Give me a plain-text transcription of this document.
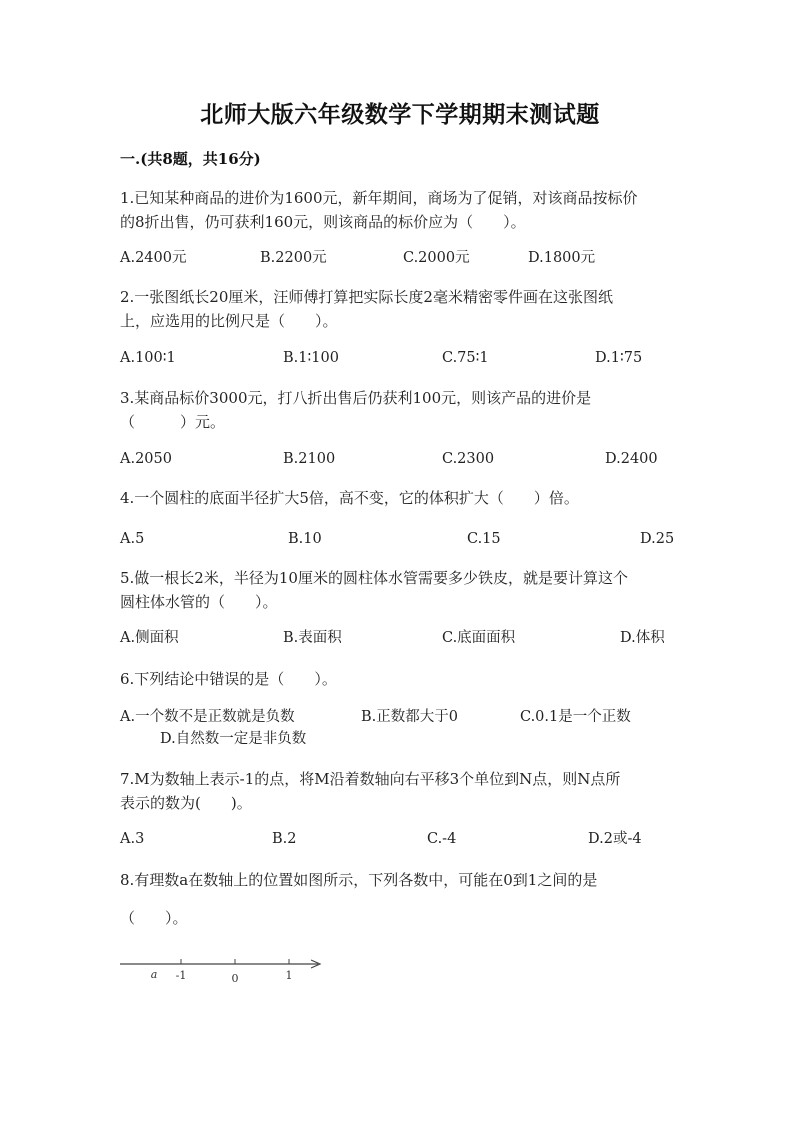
北师大版六年级数学下学期期末测试题
一.(共8题，共16分)
1.已知某种商品的进价为1600元，新年期间，商场为了促销，对该商品按标价
的8折出售，仍可获利160元，则该商品的标价应为（　　）。
A.2400元	B.2200元	C.2000元	D.1800元
2.一张图纸长20厘米，汪师傅打算把实际长度2毫米精密零件画在这张图纸
上，应选用的比例尺是（　　）。
A.100∶1	B.1∶100	C.75∶1	D.1∶75
3.某商品标价3000元，打八折出售后仍获利100元，则该产品的进价是
（　　　）元。
A.2050	B.2100	C.2300	D.2400
4.一个圆柱的底面半径扩大5倍，高不变，它的体积扩大（　　）倍。
A.5	B.10	C.15	D.25
5.做一根长2米，半径为10厘米的圆柱体水管需要多少铁皮，就是要计算这个
圆柱体水管的（　　）。
A.侧面积	B.表面积	C.底面面积	D.体积
6.下列结论中错误的是（　　）。
A.一个数不是正数就是负数	B.正数都大于0	C.0.1是一个正数
D.自然数一定是非负数
7.M为数轴上表示-1的点，将M沿着数轴向右平移3个单位到N点，则N点所
表示的数为(　　)。
A.3	B.2	C.-4	D.2或-4
8.有理数a在数轴上的位置如图所示，下列各数中，可能在0到1之间的是
（　　）。
a -1	0	1
